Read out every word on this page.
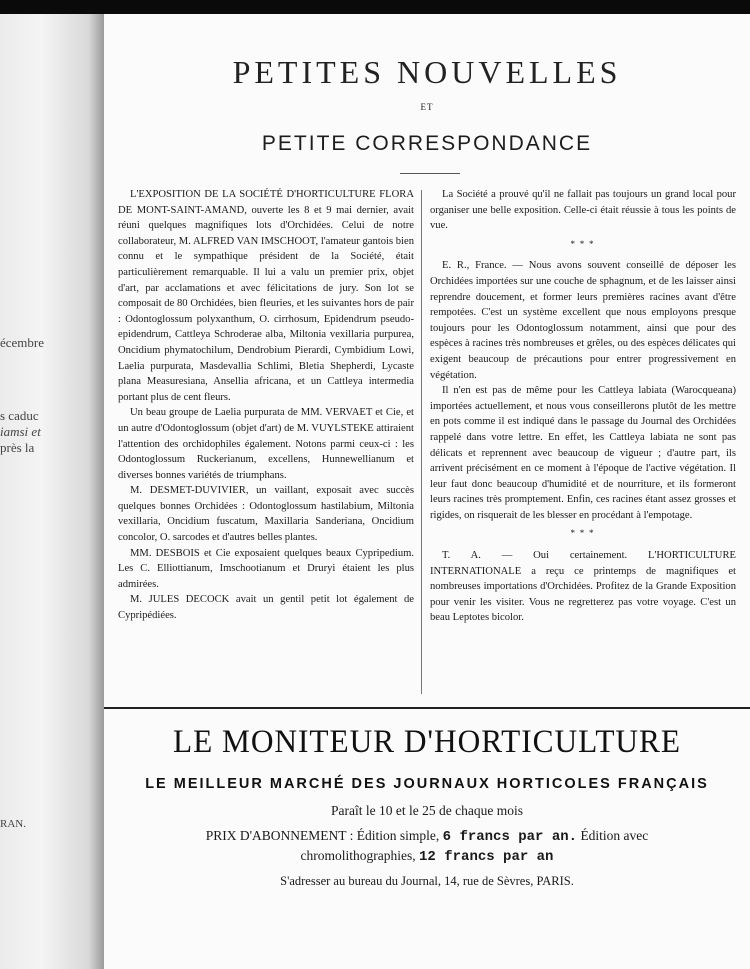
écembre
s caduc
iamsi et
près la
RAN.
PETITES NOUVELLES
ET
PETITE CORRESPONDANCE

L'EXPOSITION DE LA SOCIÉTÉ D'HORTICULTURE FLORA DE MONT-SAINT-AMAND, ouverte les 8 et 9 mai dernier, avait réuni quelques magnifiques lots d'Orchidées. Celui de notre collaborateur, M. ALFRED VAN IMSCHOOT, l'amateur gantois bien connu et le sympathique président de la Société, était particulièrement remarquable. Il lui a valu un premier prix, objet d'art, par acclamations et avec félicitations de jury. Son lot se composait de 80 Orchidées, bien fleuries, et les suivantes hors de pair : Odontoglossum polyxanthum, O. cirrhosum, Epidendrum pseudo-epidendrum, Cattleya Schroderae alba, Miltonia vexillaria purpurea, Oncidium phymatochilum, Dendrobium Pierardi, Cymbidium Lowi, Laelia purpurata, Masdevallia Schlimi, Bletia Shepherdi, Lycaste plana Measuresiana, Ansellia africana, et un Cattleya intermedia portant plus de cent fleurs.

Un beau groupe de Laelia purpurata de MM. VERVAET et Cie, et un autre d'Odontoglossum (objet d'art) de M. VUYLSTEKE attiraient l'attention des orchidophiles également. Notons parmi ceux-ci : les Odontoglossum Ruckerianum, excellens, Hunnewellianum et diverses bonnes variétés de triumphans.

M. DESMET-DUVIVIER, un vaillant, exposait avec succès quelques bonnes Orchidées : Odontoglossum hastilabium, Miltonia vexillaria, Oncidium fuscatum, Maxillaria Sanderiana, Oncidium concolor, O. sarcodes et d'autres belles plantes.

MM. DESBOIS et Cie exposaient quelques beaux Cypripedium. Les C. Elliottianum, Imschootianum et Druryi étaient les plus admirées.

M. JULES DECOCK avait un gentil petit lot également de Cypripédiées.

La Société a prouvé qu'il ne fallait pas toujours un grand local pour organiser une belle exposition. Celle-ci était réussie à tous les points de vue.

* * *

E. R., France. — Nous avons souvent conseillé de déposer les Orchidées importées sur une couche de sphagnum, et de les laisser ainsi reprendre doucement, et former leurs premières racines avant d'être rempotées. C'est un système excellent que nous employons presque toujours pour les Odontoglossum notamment, ainsi que pour des espèces à racines très nombreuses et grêles, ou des espèces délicates qui exigent beaucoup de précautions pour entrer progressivement en végétation.

Il n'en est pas de même pour les Cattleya labiata (Warocqueana) importées actuellement, et nous vous conseillerons plutôt de les mettre en pots comme il est indiqué dans le passage du Journal des Orchidées rappelé dans votre lettre. En effet, les Cattleya labiata ne sont pas délicats et reprennent avec beaucoup de vigueur ; d'autre part, ils arrivent précisément en ce moment à l'époque de l'active végétation. Il leur faut donc beaucoup d'humidité et de nourriture, et ils formeront leurs racines très promptement. Enfin, ces racines étant assez grosses et rigides, on risquerait de les blesser en procédant à l'empotage.

* * *

T. A. — Oui certainement. L'HORTICULTURE INTERNATIONALE a reçu ce printemps de magnifiques et nombreuses importations d'Orchidées. Profitez de la Grande Exposition pour venir les visiter. Vous ne regretterez pas votre voyage. C'est un beau Leptotes bicolor.

LE MONITEUR D'HORTICULTURE
LE MEILLEUR MARCHÉ DES JOURNAUX HORTICOLES FRANÇAIS
Paraît le 10 et le 25 de chaque mois
PRIX D'ABONNEMENT : Édition simple, 6 francs par an. Édition avec
chromolithographies, 12 francs par an
S'adresser au bureau du Journal, 14, rue de Sèvres, PARIS.
